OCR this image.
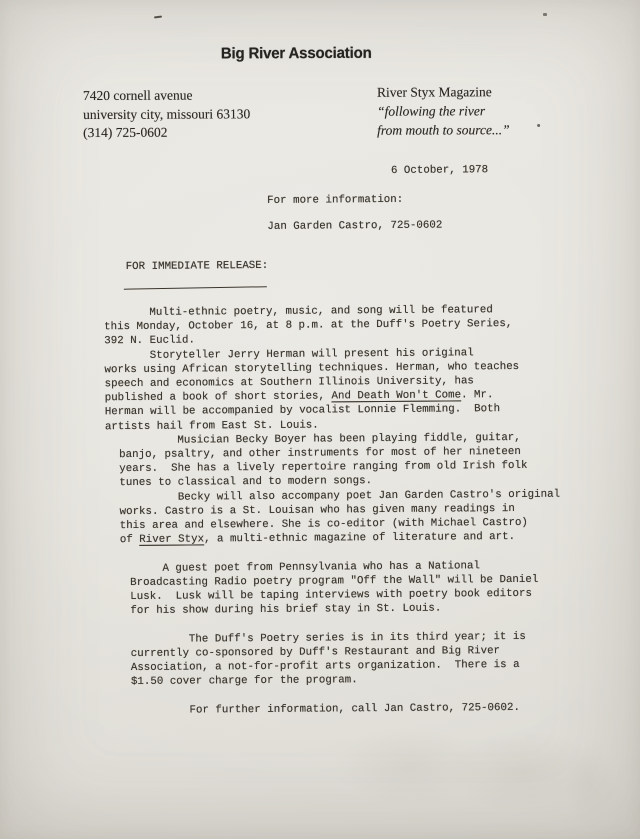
Big River Association
7420 cornell avenue
university city, missouri 63130
(314) 725-0602
River Styx Magazine
“following the river
from mouth to source...”
6 October, 1978
For more information:
Jan Garden Castro, 725-0602
FOR IMMEDIATE RELEASE:
Multi-ethnic poetry, music, and song will be featured
this Monday, October 16, at 8 p.m. at the Duff's Poetry Series,
392 N. Euclid.
Storyteller Jerry Herman will present his original
works using African storytelling techniques. Herman, who teaches
speech and economics at Southern Illinois University, has
published a book of short stories, And Death Won't Come. Mr.
Herman will be accompanied by vocalist Lonnie Flemming.  Both
artists hail from East St. Louis.
Musician Becky Boyer has been playing fiddle, guitar,
banjo, psaltry, and other instruments for most of her nineteen
years.  She has a lively repertoire ranging from old Irish folk
tunes to classical and to modern songs.
Becky will also accompany poet Jan Garden Castro's original
works. Castro is a St. Louisan who has given many readings in
this area and elsewhere. She is co-editor (with Michael Castro)
of River Styx, a multi-ethnic magazine of literature and art.
A guest poet from Pennsylvania who has a National
Broadcasting Radio poetry program "Off the Wall" will be Daniel
Lusk.  Lusk will be taping interviews with poetry book editors
for his show during his brief stay in St. Louis.
The Duff's Poetry series is in its third year; it is
currently co-sponsored by Duff's Restaurant and Big River
Association, a not-for-profit arts organization.  There is a
$1.50 cover charge for the program.
For further information, call Jan Castro, 725-0602.
